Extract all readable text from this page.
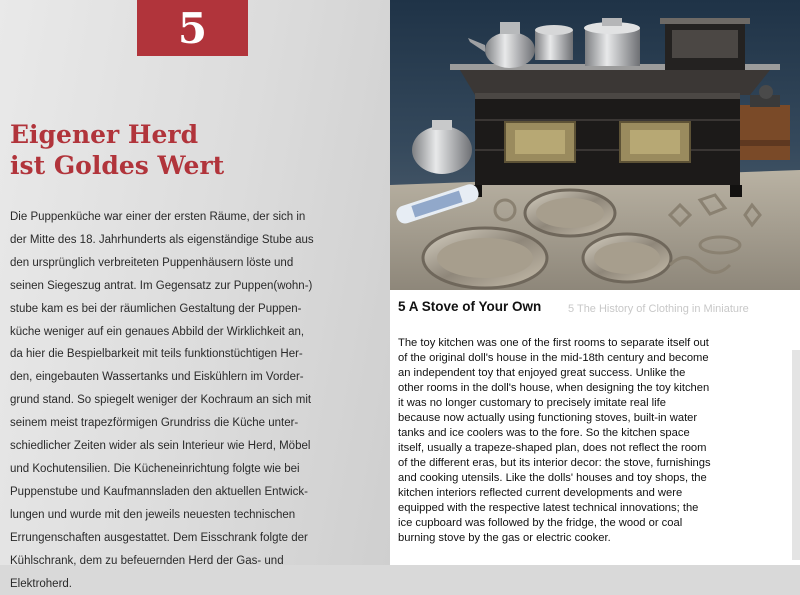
5
Eigener Herd
ist Goldes Wert

Die Puppenküche war einer der ersten Räume, der sich in
der Mitte des 18. Jahrhunderts als eigenständige Stube aus
den ursprünglich verbreiteten Puppenhäusern löste und
seinen Siegeszug antrat. Im Gegensatz zur Puppen(wohn-)
stube kam es bei der räumlichen Gestaltung der Puppen-
küche weniger auf ein genaues Abbild der Wirklichkeit an,
da hier die Bespielbarkeit mit teils funktionstüchtigen Her-
den, eingebauten Wassertanks und Eiskühlern im Vorder-
grund stand. So spiegelt weniger der Kochraum an sich mit
seinem meist trapezförmigen Grundriss die Küche unter-
schiedlicher Zeiten wider als sein Interieur wie Herd, Möbel
und Kochutensilien. Die Kücheneinrichtung folgte wie bei
Puppenstube und Kaufmannsladen den aktuellen Entwick-
lungen und wurde mit den jeweils neuesten technischen
Errungenschaften ausgestattet. Dem Eisschrank folgte der
Kühlschrank, dem zu befeuernden Herd der Gas- und
Elektroherd.

5 The History of Clothing in Miniature
5 A Stove of Your Own

The toy kitchen was one of the first rooms to separate itself out
of the original doll's house in the mid-18th century and become
an independent toy that enjoyed great success. Unlike the
other rooms in the doll's house, when designing the toy kitchen
it was no longer customary to precisely imitate real life
because now actually using functioning stoves, built-in water
tanks and ice coolers was to the fore. So the kitchen space
itself, usually a trapeze-shaped plan, does not reflect the room
of the different eras, but its interior decor: the stove, furnishings
and cooking utensils. Like the dolls' houses and toy shops, the
kitchen interiors reflected current developments and were
equipped with the respective latest technical innovations; the
ice cupboard was followed by the fridge, the wood or coal
burning stove by the gas or electric cooker.
